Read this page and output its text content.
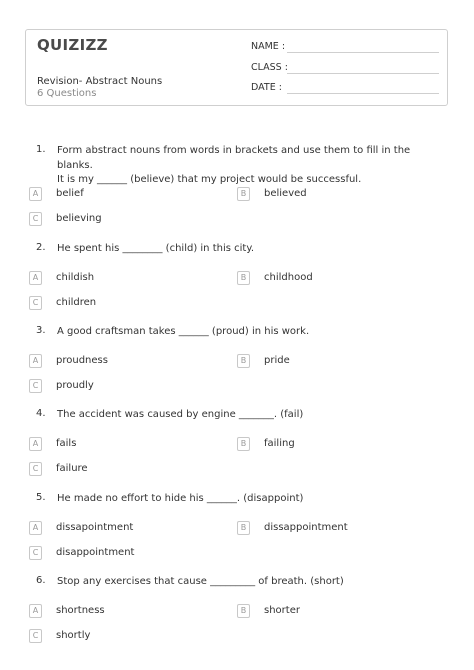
QUIZIZZ
Revision- Abstract Nouns
6 Questions
NAME :
CLASS :
DATE :
1.	Form abstract nouns from words in brackets and use them to fill in the blanks.
It is my ______ (believe) that my project would be successful.
A	belief	B	believed
C	believing
2.	He spent his ________ (child) in this city.
A	childish	B	childhood
C	children
3.	A good craftsman takes ______ (proud) in his work.
A	proudness	B	pride
C	proudly
4.	The accident was caused by engine _______. (fail)
A	fails	B	failing
C	failure
5.	He made no effort to hide his ______. (disappoint)
A	dissapointment	B	dissappointment
C	disappointment
6.	Stop any exercises that cause _________ of breath. (short)
A	shortness	B	shorter
C	shortly
